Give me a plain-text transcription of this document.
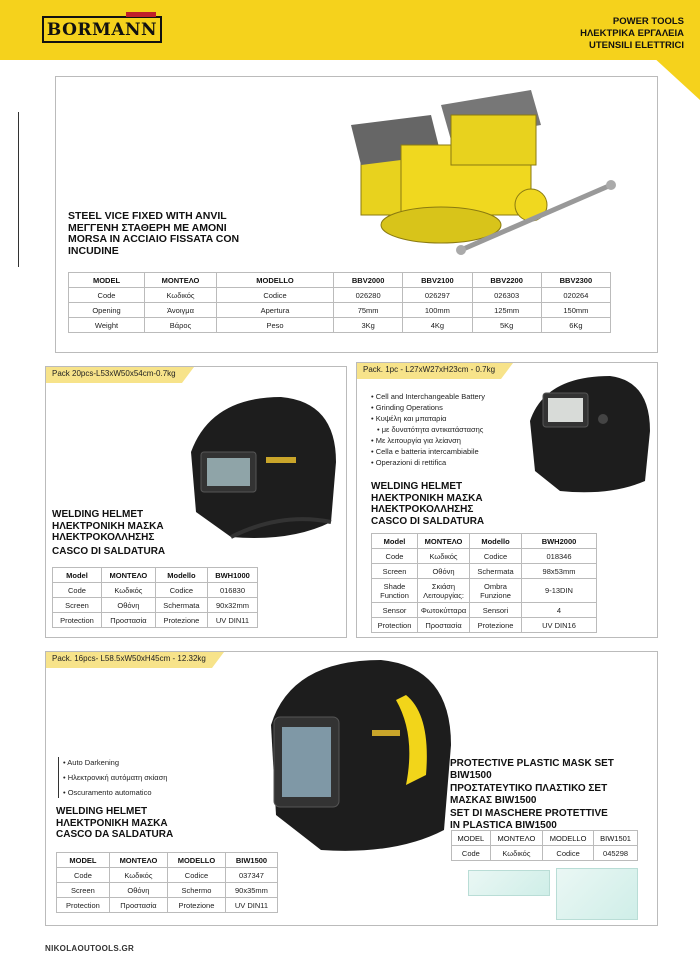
BORMANN	POWER TOOLS
ΗΛΕΚΤΡΙΚΑ ΕΡΓΑΛΕΙΑ
UTENSILI ELETTRICI
STEEL VICE FIXED WITH ANVIL
ΜΕΓΓΕΝΗ ΣΤΑΘΕΡΗ ΜΕ ΑΜΟΝΙ
MORSA IN ACCIAIO FISSATA CON
INCUDINE
MODEL	ΜΟΝΤΕΛΟ	MODELLO	BBV2000	BBV2100	BBV2200	BBV2300
Code	Κωδικός	Codice	026280	026297	026303	020264
Opening	Άνοιγμα	Apertura	75mm	100mm	125mm	150mm
Weight	Βάρος	Peso	3Kg	4Kg	5Kg	6Kg
Pack 20pcs-L53xW50x54cm-0.7kg
WELDING HELMET
ΗΛΕΚΤΡΟΝΙΚΗ ΜΑΣΚΑ
ΗΛΕΚΤΡΟΚΟΛΛΗΣΗΣ
CASCO DI SALDATURA
Model	ΜΟΝΤΕΛΟ	Modello	BWH1000
Code	Κωδικός	Codice	016830
Screen	Οθόνη	Schermata	90x32mm
Protection	Προστασία	Protezione	UV DIN11
Pack. 1pc - L27xW27xH23cm - 0.7kg
• Cell and Interchangeable Battery
• Grinding Operations
• Κυψέλη και μπαταρία
• με δυνατότητα αντικατάστασης
• Με λειτουργία για λείανση
• Cella e batteria intercambiabile
• Operazioni di rettifica
WELDING HELMET
ΗΛΕΚΤΡΟΝΙΚΗ ΜΑΣΚΑ
ΗΛΕΚΤΡΟΚΟΛΛΗΣΗΣ
CASCO DI SALDATURA
Model	ΜΟΝΤΕΛΟ	Modello	BWH2000
Code	Κωδικός	Codice	018346
Screen	Οθόνη	Schermata	98x53mm
Shade Function	Σκιάση Λειτουργίας:	Ombra Funzione	9-13DIN
Sensor	Φωτοκύτταρα	Sensori	4
Protection	Προστασία	Protezione	UV DIN16
Pack. 16pcs- L58.5xW50xH45cm - 12.32kg
• Auto Darkening
• Ηλεκτρονική αυτόματη σκίαση
• Oscuramento automatico
WELDING HELMET
ΗΛΕΚΤΡΟΝΙΚΗ ΜΑΣΚΑ
CASCO DA SALDATURA
MODEL	ΜΟΝΤΕΛΟ	MODELLO	BIW1500
Code	Κωδικός	Codice	037347
Screen	Οθόνη	Schermo	90x35mm
Protection	Προστασία	Protezione	UV DIN11
PROTECTIVE PLASTIC MASK SET BIW1500
ΠΡΟΣΤΑΤΕΥΤΙΚΟ ΠΛΑΣΤΙΚΟ ΣΕΤ
ΜΑΣΚΑΣ BIW1500
SET DI MASCHERE PROTETTIVE
IN PLASTICA BIW1500
MODEL	ΜΟΝΤΕΛΟ	MODELLO	BIW1501
Code	Κωδικός	Codice	045298
NIKOLAOUTOOLS.GR
